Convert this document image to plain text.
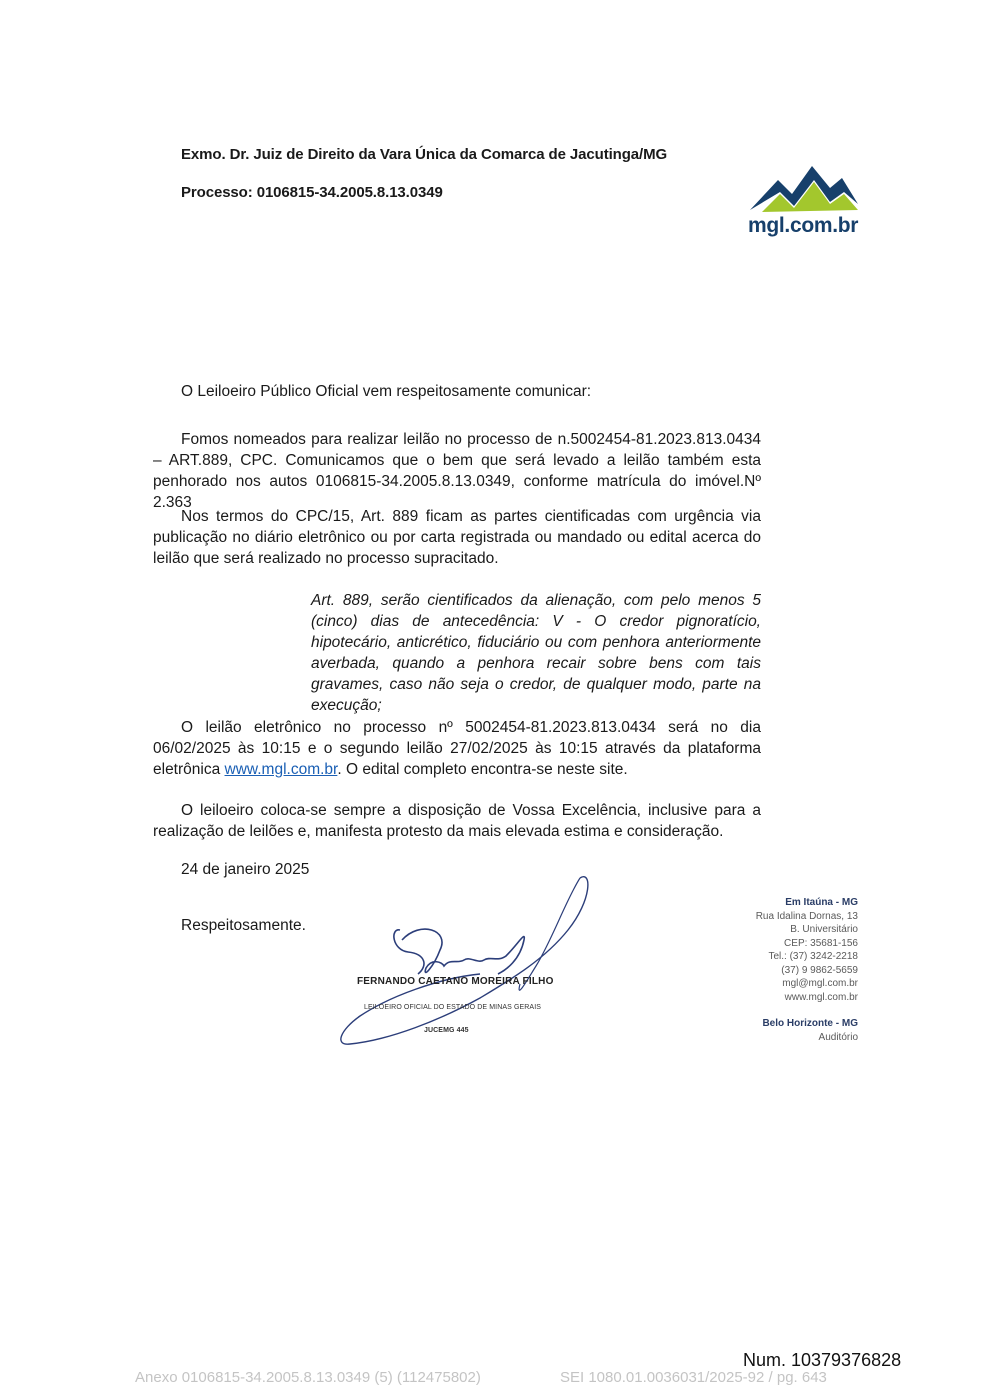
Exmo. Dr. Juiz de Direito da Vara Única da Comarca de Jacutinga/MG
Processo: 0106815-34.2005.8.13.0349
mgl.com.br
O Leiloeiro Público Oficial vem respeitosamente comunicar:
Fomos nomeados para realizar leilão no processo de n.5002454-81.2023.813.0434 – ART.889, CPC. Comunicamos que o bem que será levado a leilão também esta penhorado nos autos 0106815-34.2005.8.13.0349, conforme matrícula do imóvel.Nº 2.363
Nos termos do CPC/15, Art. 889 ficam as partes cientificadas com urgência via publicação no diário eletrônico ou por carta registrada ou mandado ou edital acerca do leilão que será realizado no processo supracitado.
Art. 889, serão cientificados da alienação, com pelo menos 5 (cinco) dias de antecedência: V - O credor pignoratício, hipotecário, anticrético, fiduciário ou com penhora anteriormente averbada, quando a penhora recair sobre bens com tais gravames, caso não seja o credor, de qualquer modo, parte na execução;
O leilão eletrônico no processo nº 5002454-81.2023.813.0434 será no dia 06/02/2025 às 10:15 e o segundo leilão 27/02/2025 às 10:15 através da plataforma eletrônica www.mgl.com.br. O edital completo encontra-se neste site.
O leiloeiro coloca-se sempre a disposição de Vossa Excelência, inclusive para a realização de leilões e, manifesta protesto da mais elevada estima e consideração.
24 de janeiro 2025
Respeitosamente.
FERNANDO CAETANO MOREIRA FILHO
LEILOEIRO OFICIAL DO ESTADO DE MINAS GERAIS
JUCEMG 445
Em Itaúna - MG
Rua Idalina Dornas, 13
B. Universitário
CEP: 35681-156
Tel.: (37) 3242-2218
(37) 9 9862-5659
mgl@mgl.com.br
www.mgl.com.br
Belo Horizonte - MG
Auditório
Num. 10379376828
Anexo 0106815-34.2005.8.13.0349 (5) (112475802)	SEI 1080.01.0036031/2025-92 / pg. 643
